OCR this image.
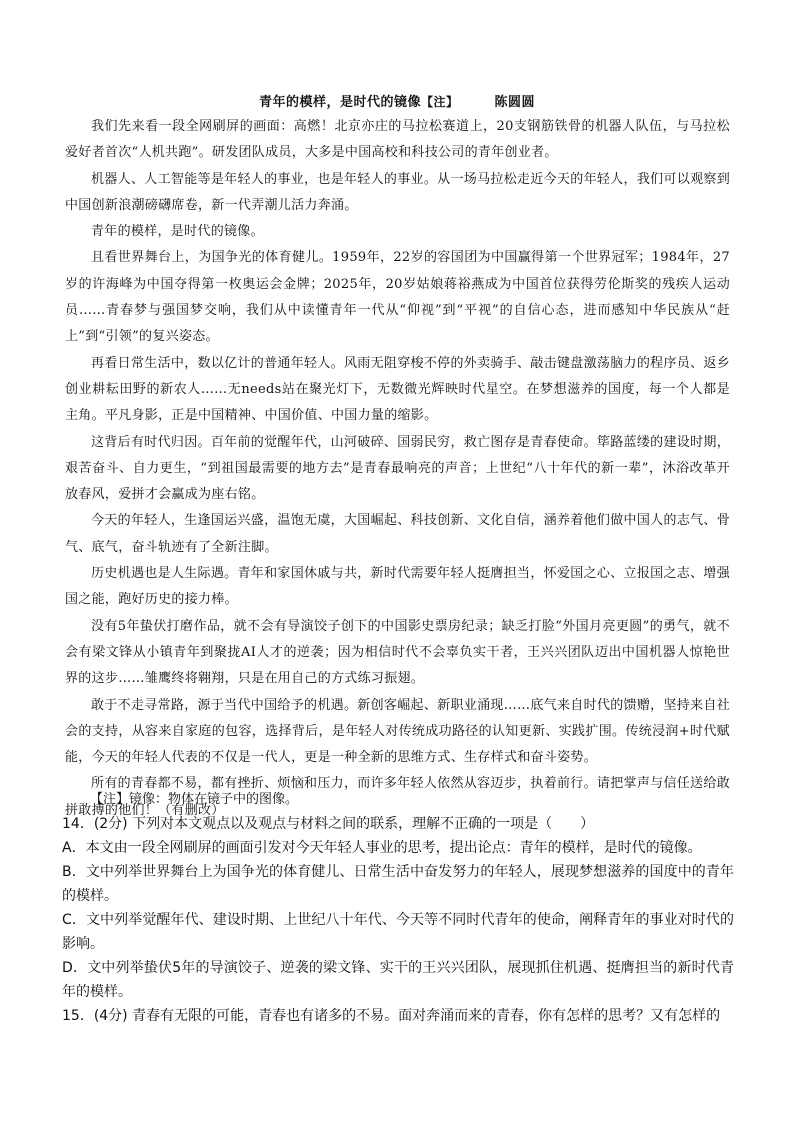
青年的模样，是时代的镜像【注】	陈圆圆

我们先来看一段全网刷屏的画面：高燃！北京亦庄的马拉松赛道上，20支钢筋铁骨的机器人队伍，与马拉松爱好者首次“人机共跑”。研发团队成员，大多是中国高校和科技公司的青年创业者。

机器人、人工智能等是年轻人的事业，也是年轻人的事业。从一场马拉松走近今天的年轻人，我们可以观察到中国创新浪潮磅礴席卷，新一代弄潮儿活力奔涌。

青年的模样，是时代的镜像。

且看世界舞台上，为国争光的体育健儿。1959年，22岁的容国团为中国赢得第一个世界冠军；1984年，27岁的许海峰为中国夺得第一枚奥运会金牌；2025年，20岁姑娘蒋裕燕成为中国首位获得劳伦斯奖的残疾人运动员……青春梦与强国梦交响，我们从中读懂青年一代从“仰视”到“平视”的自信心态，进而感知中华民族从“赶上”到“引领”的复兴姿态。

再看日常生活中，数以亿计的普通年轻人。风雨无阻穿梭不停的外卖骑手、敲击键盘激荡脑力的程序员、返乡创业耕耘田野的新农人……无needs站在聚光灯下，无数微光辉映时代星空。在梦想滋养的国度，每一个人都是主角。平凡身影，正是中国精神、中国价值、中国力量的缩影。

这背后有时代归因。百年前的觉醒年代，山河破碎、国弱民穷，救亡图存是青春使命。筚路蓝缕的建设时期，艰苦奋斗、自力更生，“到祖国最需要的地方去”是青春最响亮的声音；上世纪“八十年代的新一辈”，沐浴改革开放春风，爱拼才会赢成为座右铭。

今天的年轻人，生逢国运兴盛，温饱无虞，大国崛起、科技创新、文化自信，涵养着他们做中国人的志气、骨气、底气，奋斗轨迹有了全新注脚。

历史机遇也是人生际遇。青年和家国休戚与共，新时代需要年轻人挺膺担当，怀爱国之心、立报国之志、增强国之能，跑好历史的接力棒。

没有5年蛰伏打磨作品，就不会有导演饺子创下的中国影史票房纪录；缺乏打脸“外国月亮更圆”的勇气，就不会有梁文锋从小镇青年到聚拢AI人才的逆袭；因为相信时代不会辜负实干者，王兴兴团队迈出中国机器人惊艳世界的这步……雏鹰终将翱翔，只是在用自己的方式练习振翅。

敢于不走寻常路，源于当代中国给予的机遇。新创客崛起、新职业涌现……底气来自时代的馈赠，坚持来自社会的支持，从容来自家庭的包容，选择背后，是年轻人对传统成功路径的认知更新、实践扩围。传统浸润+时代赋能，今天的年轻人代表的不仅是一代人，更是一种全新的思维方式、生存样式和奋斗姿势。

所有的青春都不易，都有挫折、烦恼和压力，而许多年轻人依然从容迈步，执着前行。请把掌声与信任送给敢拼敢搏的他们！（有删改）

【注】镜像：物体在镜子中的图像。

14．(2分) 下列对本文观点以及观点与材料之间的联系，理解不正确的一项是（　　）

A．本文由一段全网刷屏的画面引发对今天年轻人事业的思考，提出论点：青年的模样，是时代的镜像。

B．文中列举世界舞台上为国争光的体育健儿、日常生活中奋发努力的年轻人，展现梦想滋养的国度中的青年的模样。

C．文中列举觉醒年代、建设时期、上世纪八十年代、今天等不同时代青年的使命，阐释青年的事业对时代的影响。

D．文中列举蛰伏5年的导演饺子、逆袭的梁文锋、实干的王兴兴团队，展现抓住机遇、挺膺担当的新时代青年的模样。

15．(4分) 青春有无限的可能，青春也有诸多的不易。面对奔涌而来的青春，你有怎样的思考？又有怎样的
